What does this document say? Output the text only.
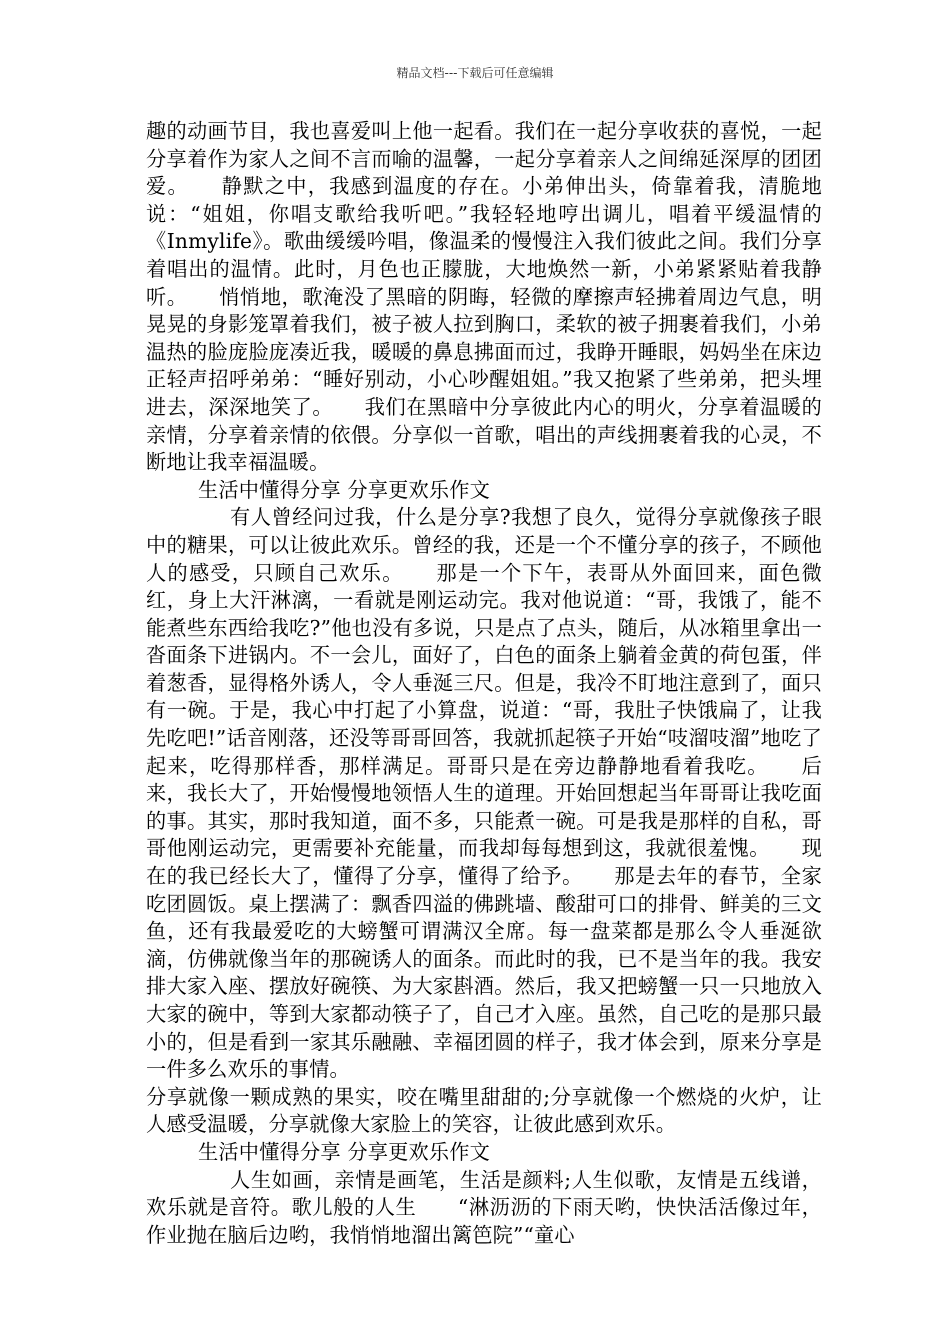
精品文档---下载后可任意编辑

趣的动画节目，我也喜爱叫上他一起看。我们在一起分享收获的喜悦，一起分享着作为家人之间不言而喻的温馨，一起分享着亲人之间绵延深厚的团团爱。　　静默之中，我感到温度的存在。小弟伸出头，倚靠着我，清脆地说：“姐姐，你唱支歌给我听吧。”我轻轻地哼出调儿，唱着平缓温情的《Inmylife》。歌曲缓缓吟唱，像温柔的慢慢注入我们彼此之间。我们分享着唱出的温情。此时，月色也正朦胧，大地焕然一新，小弟紧紧贴着我静听。　　悄悄地，歌淹没了黑暗的阴晦，轻微的摩擦声轻拂着周边气息，明晃晃的身影笼罩着我们，被子被人拉到胸口，柔软的被子拥裹着我们，小弟温热的脸庞脸庞凑近我，暖暖的鼻息拂面而过，我睁开睡眼，妈妈坐在床边正轻声招呼弟弟：“睡好别动，小心吵醒姐姐。”我又抱紧了些弟弟，把头埋进去，深深地笑了。　　我们在黑暗中分享彼此内心的明火，分享着温暖的亲情，分享着亲情的依偎。分享似一首歌，唱出的声线拥裹着我的心灵，不断地让我幸福温暖。

生活中懂得分享 分享更欢乐作文

有人曾经问过我，什么是分享?我想了良久，觉得分享就像孩子眼中的糖果，可以让彼此欢乐。曾经的我，还是一个不懂分享的孩子，不顾他人的感受，只顾自己欢乐。　　那是一个下午，表哥从外面回来，面色微红，身上大汗淋漓，一看就是刚运动完。我对他说道：“哥，我饿了，能不能煮些东西给我吃?”他也没有多说，只是点了点头，随后，从冰箱里拿出一沓面条下进锅内。不一会儿，面好了，白色的面条上躺着金黄的荷包蛋，伴着葱香，显得格外诱人，令人垂涎三尺。但是，我冷不盯地注意到了，面只有一碗。于是，我心中打起了小算盘，说道：“哥，我肚子快饿扁了，让我先吃吧!”话音刚落，还没等哥哥回答，我就抓起筷子开始“吱溜吱溜”地吃了起来，吃得那样香，那样满足。哥哥只是在旁边静静地看着我吃。　　后来，我长大了，开始慢慢地领悟人生的道理。开始回想起当年哥哥让我吃面的事。其实，那时我知道，面不多，只能煮一碗。可是我是那样的自私，哥哥他刚运动完，更需要补充能量，而我却每每想到这，我就很羞愧。　　现在的我已经长大了，懂得了分享，懂得了给予。　　那是去年的春节，全家吃团圆饭。桌上摆满了：飘香四溢的佛跳墙、酸甜可口的排骨、鲜美的三文鱼，还有我最爱吃的大螃蟹可谓满汉全席。每一盘菜都是那么令人垂涎欲滴，仿佛就像当年的那碗诱人的面条。而此时的我，已不是当年的我。我安排大家入座、摆放好碗筷、为大家斟酒。然后，我又把螃蟹一只一只地放入大家的碗中，等到大家都动筷子了，自己才入座。虽然，自己吃的是那只最小的，但是看到一家其乐融融、幸福团圆的样子，我才体会到，原来分享是一件多么欢乐的事情。

分享就像一颗成熟的果实，咬在嘴里甜甜的;分享就像一个燃烧的火炉，让人感受温暖，分享就像大家脸上的笑容，让彼此感到欢乐。

生活中懂得分享 分享更欢乐作文

人生如画，亲情是画笔，生活是颜料;人生似歌，友情是五线谱，欢乐就是音符。歌儿般的人生　　“淋沥沥的下雨天哟，快快活活像过年，作业抛在脑后边哟，我悄悄地溜出篱笆院”“童心
